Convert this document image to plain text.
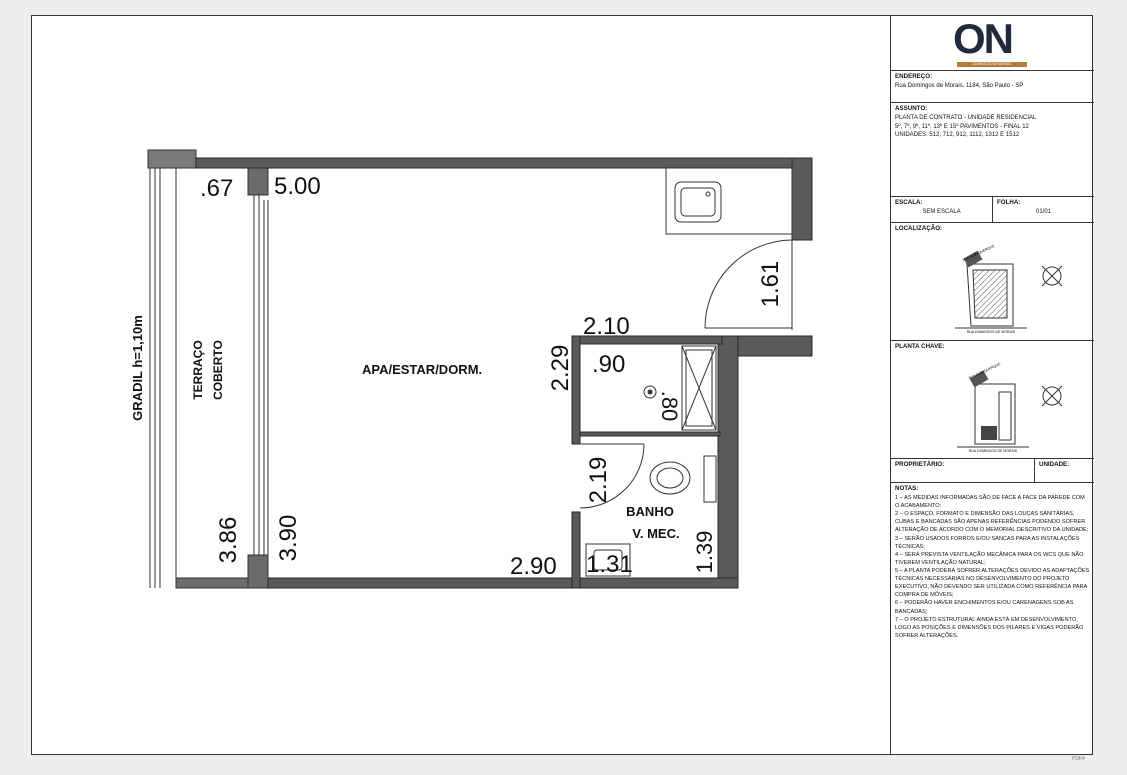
APA/ESTAR/DORM.
TERRAÇO COBERTO
GRADIL h=1,10m
BANHO
V. MEC.
.67 5.00
1.61
2.10
2.29 .90
.80
2.19
3.86 3.90
2.90 1.31	1.39
ON
DOMINGOS DE MORAIS
ENDEREÇO:
Rua Domingos de Morais, 1184, São Paulo - SP
ASSUNTO:
PLANTA DE CONTRATO - UNIDADE RESIDENCIAL
5º, 7º, 9º, 11º, 13º E 15º PAVIMENTOS - FINAL 12
UNIDADES: 512, 712, 912, 1112, 1312 E 1512
ESCALA:
SEM ESCALA
FOLHA:
01/01
LOCALIZAÇÃO:
RUA ALBUQUERQUE
RUA DOMINGOS DE MORAIS
PLANTA CHAVE:
RUA ALBUQUERQUE
RUA DOMINGOS DE MORAIS
PROPRIETÁRIO:	UNIDADE:
NOTAS:

1 – AS MEDIDAS INFORMADAS SÃO DE FACE A FACE DA PAREDE COM O ACABAMENTO;

2 – O ESPAÇO, FORMATO E DIMENSÃO DAS LOUÇAS SANITÁRIAS, CUBAS E BANCADAS SÃO APENAS REFERÊNCIAS PODENDO SOFRER ALTERAÇÃO DE ACORDO COM O MEMORIAL DESCRITIVO DA UNIDADE;

3 – SERÃO USADOS FORROS E/OU SANCAS PARA AS INSTALAÇÕES TÉCNICAS;

4 – SERÁ PREVISTA VENTILAÇÃO MECÂNICA PARA OS WCS QUE NÃO TIVEREM VENTILAÇÃO NATURAL;

5 – A PLANTA PODERÁ SOFRER ALTERAÇÕES DEVIDO AS ADAPTAÇÕES TÉCNICAS NECESSÁRIAS NO DESENVOLVIMENTO DO PROJETO EXECUTIVO, NÃO DEVENDO SER UTILIZADA COMO REFERÊNCIA PARA COMPRA DE MÓVEIS;

6 – PODERÃO HAVER ENCHIMENTOS E/OU CARENAGENS SOB AS BANCADAS;

7 – O PROJETO ESTRUTURAL AINDA ESTÁ EM DESENVOLVIMENTO, LOGO AS POSIÇÕES E DIMENSÕES DOS PILARES E VIGAS PODERÃO SOFRER ALTERAÇÕES.

PDF4
